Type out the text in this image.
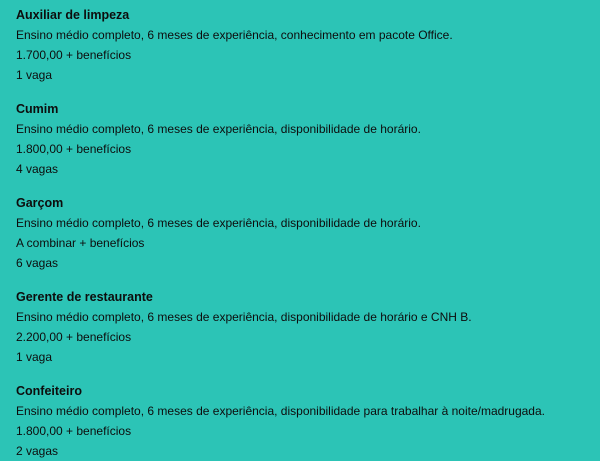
Auxiliar de limpeza
Ensino médio completo, 6 meses de experiência, conhecimento em pacote Office.
1.700,00 + benefícios
1 vaga
Cumim
Ensino médio completo, 6 meses de experiência, disponibilidade de horário.
1.800,00 + benefícios
4 vagas
Garçom
Ensino médio completo, 6 meses de experiência, disponibilidade de horário.
A combinar + benefícios
6 vagas
Gerente de restaurante
Ensino médio completo, 6 meses de experiência, disponibilidade de horário e CNH B.
2.200,00 + benefícios
1 vaga
Confeiteiro
Ensino médio completo, 6 meses de experiência, disponibilidade para trabalhar à noite/madrugada.
1.800,00 + benefícios
2 vagas
